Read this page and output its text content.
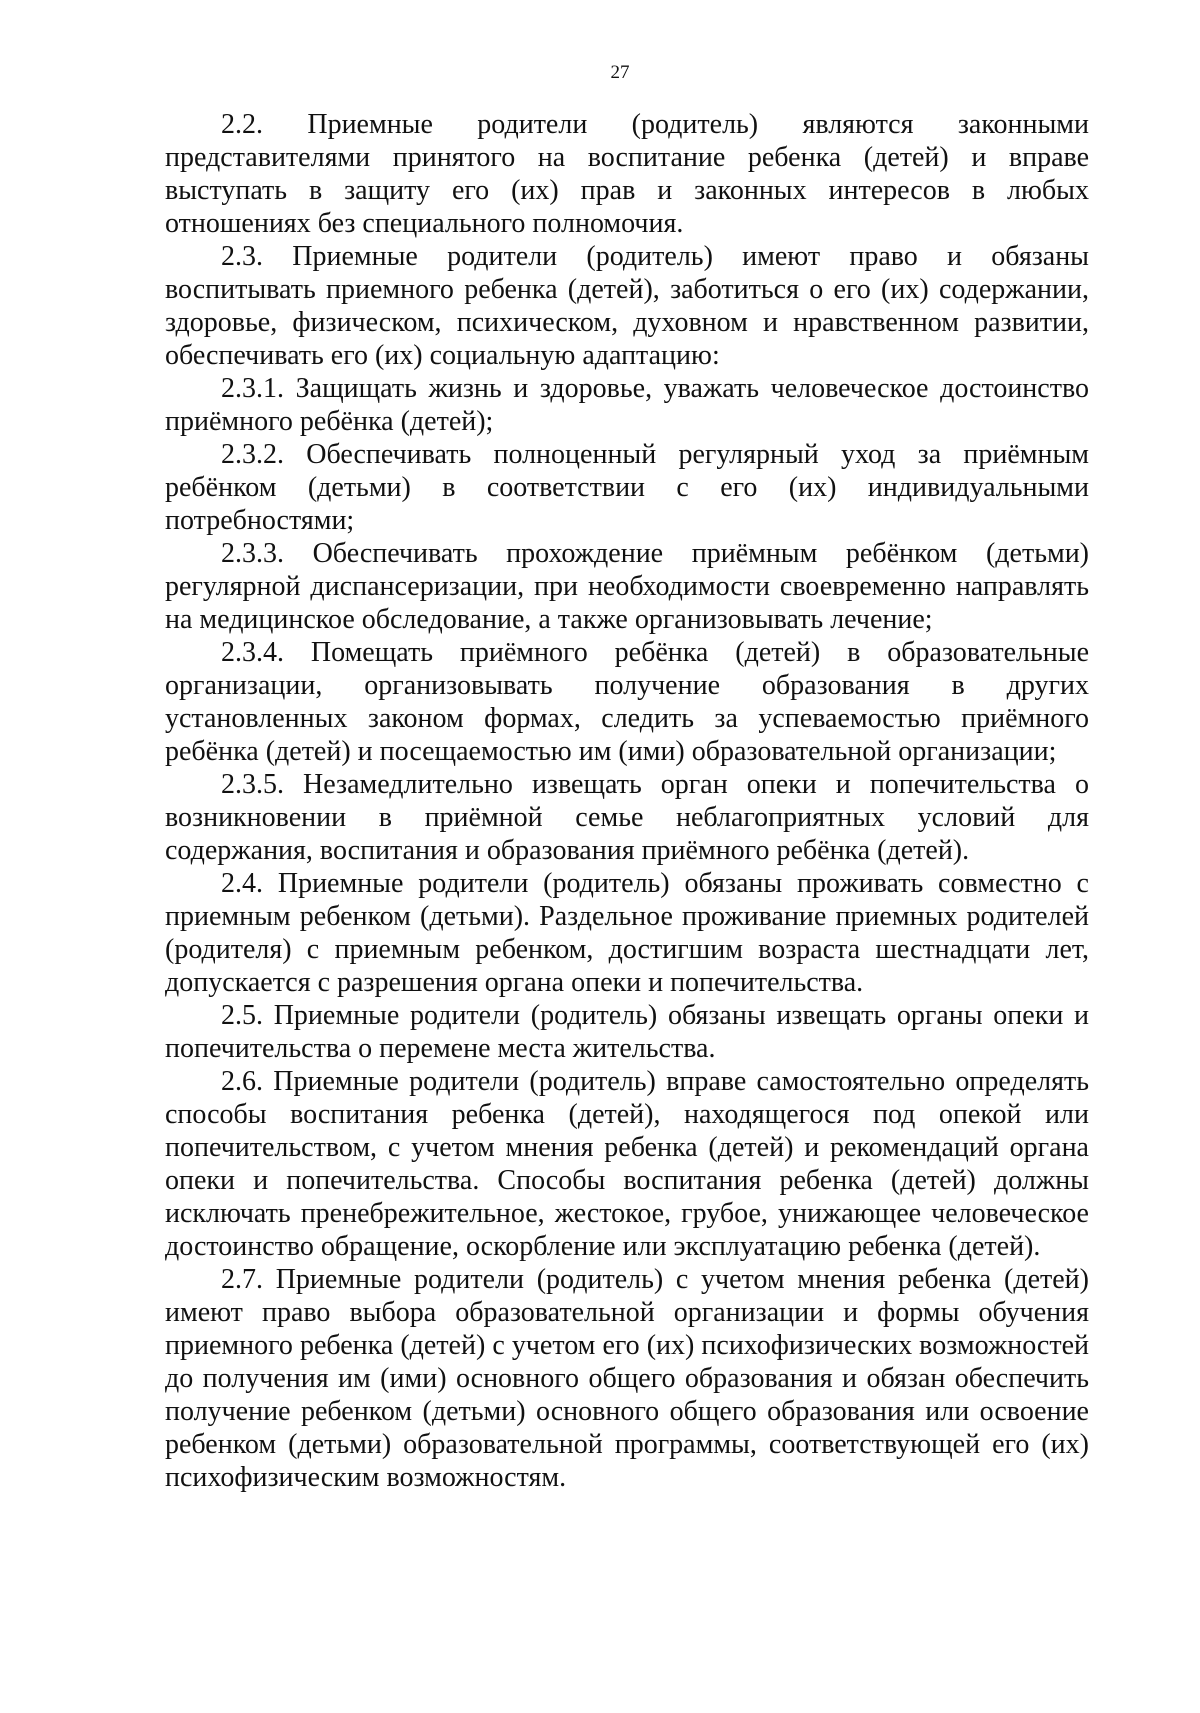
27

2.2. Приемные родители (родитель) являются законными представителями принятого на воспитание ребенка (детей) и вправе выступать в защиту его (их) прав и законных интересов в любых отношениях без специального полномочия.

2.3. Приемные родители (родитель) имеют право и обязаны воспитывать приемного ребенка (детей), заботиться о его (их) содержании, здоровье, физическом, психическом, духовном и нравственном развитии, обеспечивать его (их) социальную адаптацию:

2.3.1. Защищать жизнь и здоровье, уважать человеческое достоинство приёмного ребёнка (детей);

2.3.2. Обеспечивать полноценный регулярный уход за приёмным ребёнком (детьми) в соответствии с его (их) индивидуальными потребностями;

2.3.3. Обеспечивать прохождение приёмным ребёнком (детьми) регулярной диспансеризации, при необходимости своевременно направлять на медицинское обследование, а также организовывать лечение;

2.3.4. Помещать приёмного ребёнка (детей) в образовательные организации, организовывать получение образования в других установленных законом формах, следить за успеваемостью приёмного ребёнка (детей) и посещаемостью им (ими) образовательной организации;

2.3.5. Незамедлительно извещать орган опеки и попечительства о возникновении в приёмной семье неблагоприятных условий для содержания, воспитания и образования приёмного ребёнка (детей).

2.4. Приемные родители (родитель) обязаны проживать совместно с приемным ребенком (детьми). Раздельное проживание приемных родителей (родителя) с приемным ребенком, достигшим возраста шестнадцати лет, допускается с разрешения органа опеки и попечительства.

2.5. Приемные родители (родитель) обязаны извещать органы опеки и попечительства о перемене места жительства.

2.6. Приемные родители (родитель) вправе самостоятельно определять способы воспитания ребенка (детей), находящегося под опекой или попечительством, с учетом мнения ребенка (детей) и рекомендаций органа опеки и попечительства. Способы воспитания ребенка (детей) должны исключать пренебрежительное, жестокое, грубое, унижающее человеческое достоинство обращение, оскорбление или эксплуатацию ребенка (детей).

2.7. Приемные родители (родитель) с учетом мнения ребенка (детей) имеют право выбора образовательной организации и формы обучения приемного ребенка (детей) с учетом его (их) психофизических возможностей до получения им (ими) основного общего образования и обязан обеспечить получение ребенком (детьми) основного общего образования или освоение ребенком (детьми) образовательной программы, соответствующей его (их) психофизическим возможностям.
